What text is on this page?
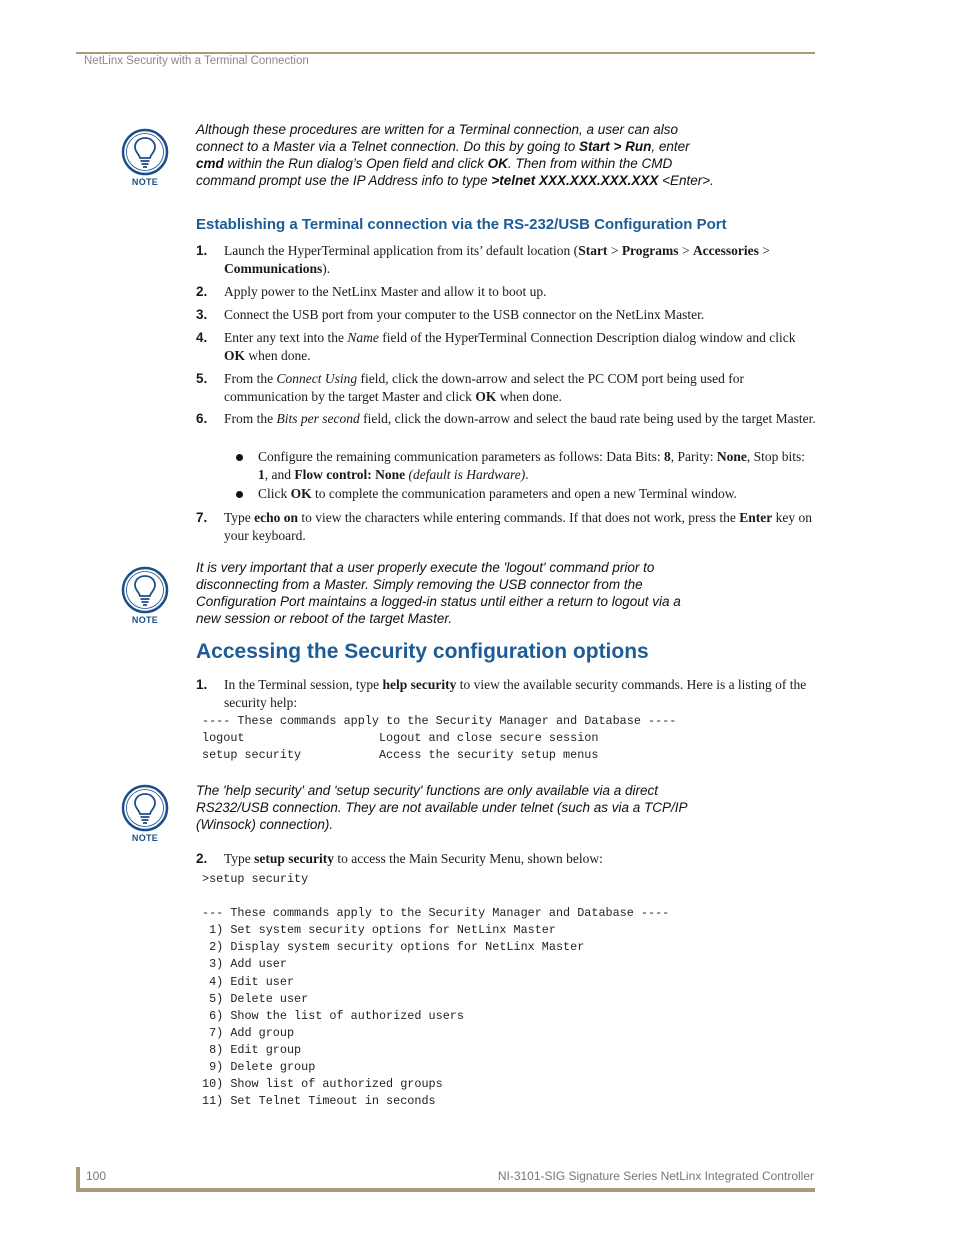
NetLinx Security with a Terminal Connection
NOTE
Although these procedures are written for a Terminal connection, a user can also connect to a Master via a Telnet connection. Do this by going to Start > Run, enter cmd within the Run dialog’s Open field and click OK. Then from within the CMD command prompt use the IP Address info to type >telnet XXX.XXX.XXX.XXX <Enter>.
Establishing a Terminal connection via the RS-232/USB Configuration Port
1. Launch the HyperTerminal application from its’ default location (Start > Programs > Accessories > Communications).
2. Apply power to the NetLinx Master and allow it to boot up.
3. Connect the USB port from your computer to the USB connector on the NetLinx Master.
4. Enter any text into the Name field of the HyperTerminal Connection Description dialog window and click OK when done.
5. From the Connect Using field, click the down-arrow and select the PC COM port being used for communication by the target Master and click OK when done.
6. From the Bits per second field, click the down-arrow and select the baud rate being used by the target Master.
Configure the remaining communication parameters as follows: Data Bits: 8, Parity: None, Stop bits: 1, and Flow control: None (default is Hardware).
Click OK to complete the communication parameters and open a new Terminal window.
7. Type echo on to view the characters while entering commands. If that does not work, press the Enter key on your keyboard.
NOTE
It is very important that a user properly execute the 'logout' command prior to disconnecting from a Master. Simply removing the USB connector from the Configuration Port maintains a logged-in status until either a return to logout via a new session or reboot of the target Master.
Accessing the Security configuration options
1. In the Terminal session, type help security to view the available security commands. Here is a listing of the security help:
---- These commands apply to the Security Manager and Database ----
logout                   Logout and close secure session
setup security           Access the security setup menus
NOTE
The 'help security' and 'setup security' functions are only available via a direct RS232/USB connection. They are not available under telnet (such as via a TCP/IP (Winsock) connection).
2. Type setup security to access the Main Security Menu, shown below:
>setup security
--- These commands apply to the Security Manager and Database ----
1) Set system security options for NetLinx Master
2) Display system security options for NetLinx Master
3) Add user
4) Edit user
5) Delete user
6) Show the list of authorized users
7) Add group
8) Edit group
9) Delete group
10) Show list of authorized groups
11) Set Telnet Timeout in seconds
100	NI-3101-SIG Signature Series NetLinx Integrated Controller
